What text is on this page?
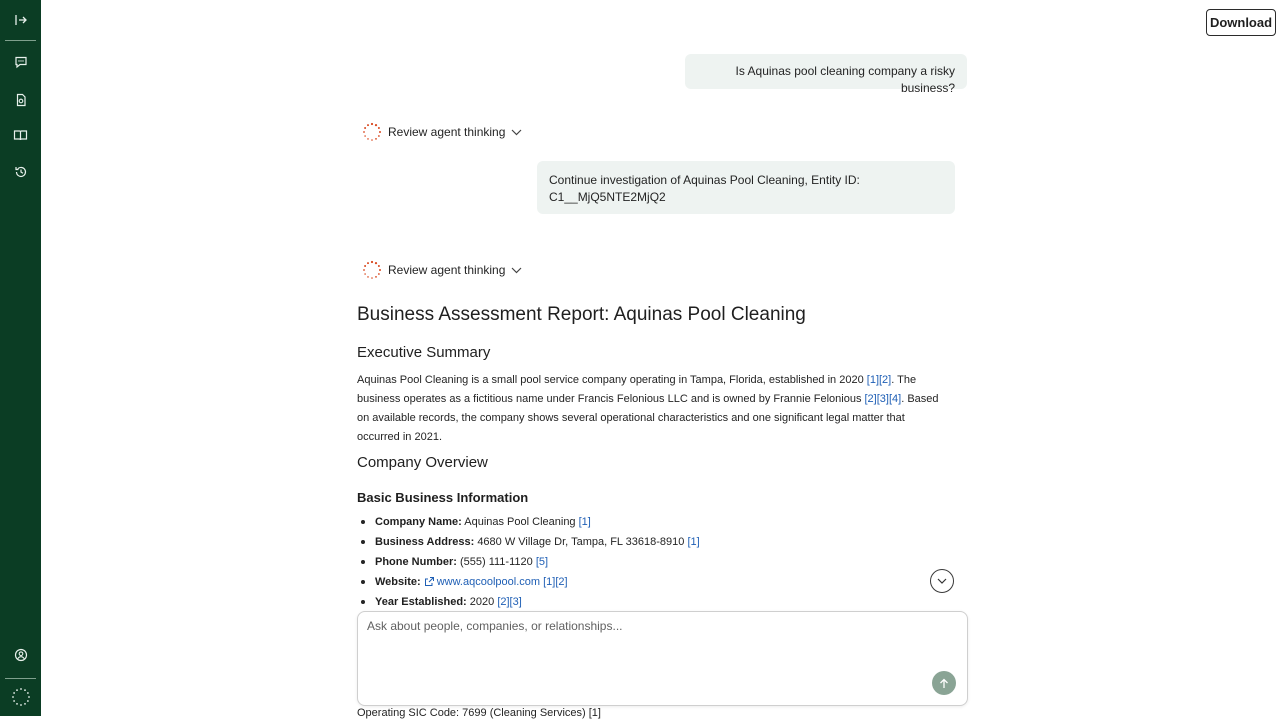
Download
Is Aquinas pool cleaning company a risky business?
Review agent thinking
Continue investigation of Aquinas Pool Cleaning, Entity ID:
C1__MjQ5NTE2MjQ2
Review agent thinking
Business Assessment Report: Aquinas Pool Cleaning
Executive Summary
Aquinas Pool Cleaning is a small pool service company operating in Tampa, Florida, established in 2020 [1][2]. The business operates as a fictitious name under Francis Felonious LLC and is owned by Frannie Felonious [2][3][4]. Based on available records, the company shows several operational characteristics and one significant legal matter that occurred in 2021.
Company Overview
Basic Business Information
Company Name: Aquinas Pool Cleaning [1]
Business Address: 4680 W Village Dr, Tampa, FL 33618-8910 [1]
Phone Number: (555) 111-1120 [5]
Website: www.aqcoolpool.com [1][2]
Year Established: 2020 [2][3]
Operating SIC Code: 7699 (Cleaning Services) [1]
Ask about people, companies, or relationships...
